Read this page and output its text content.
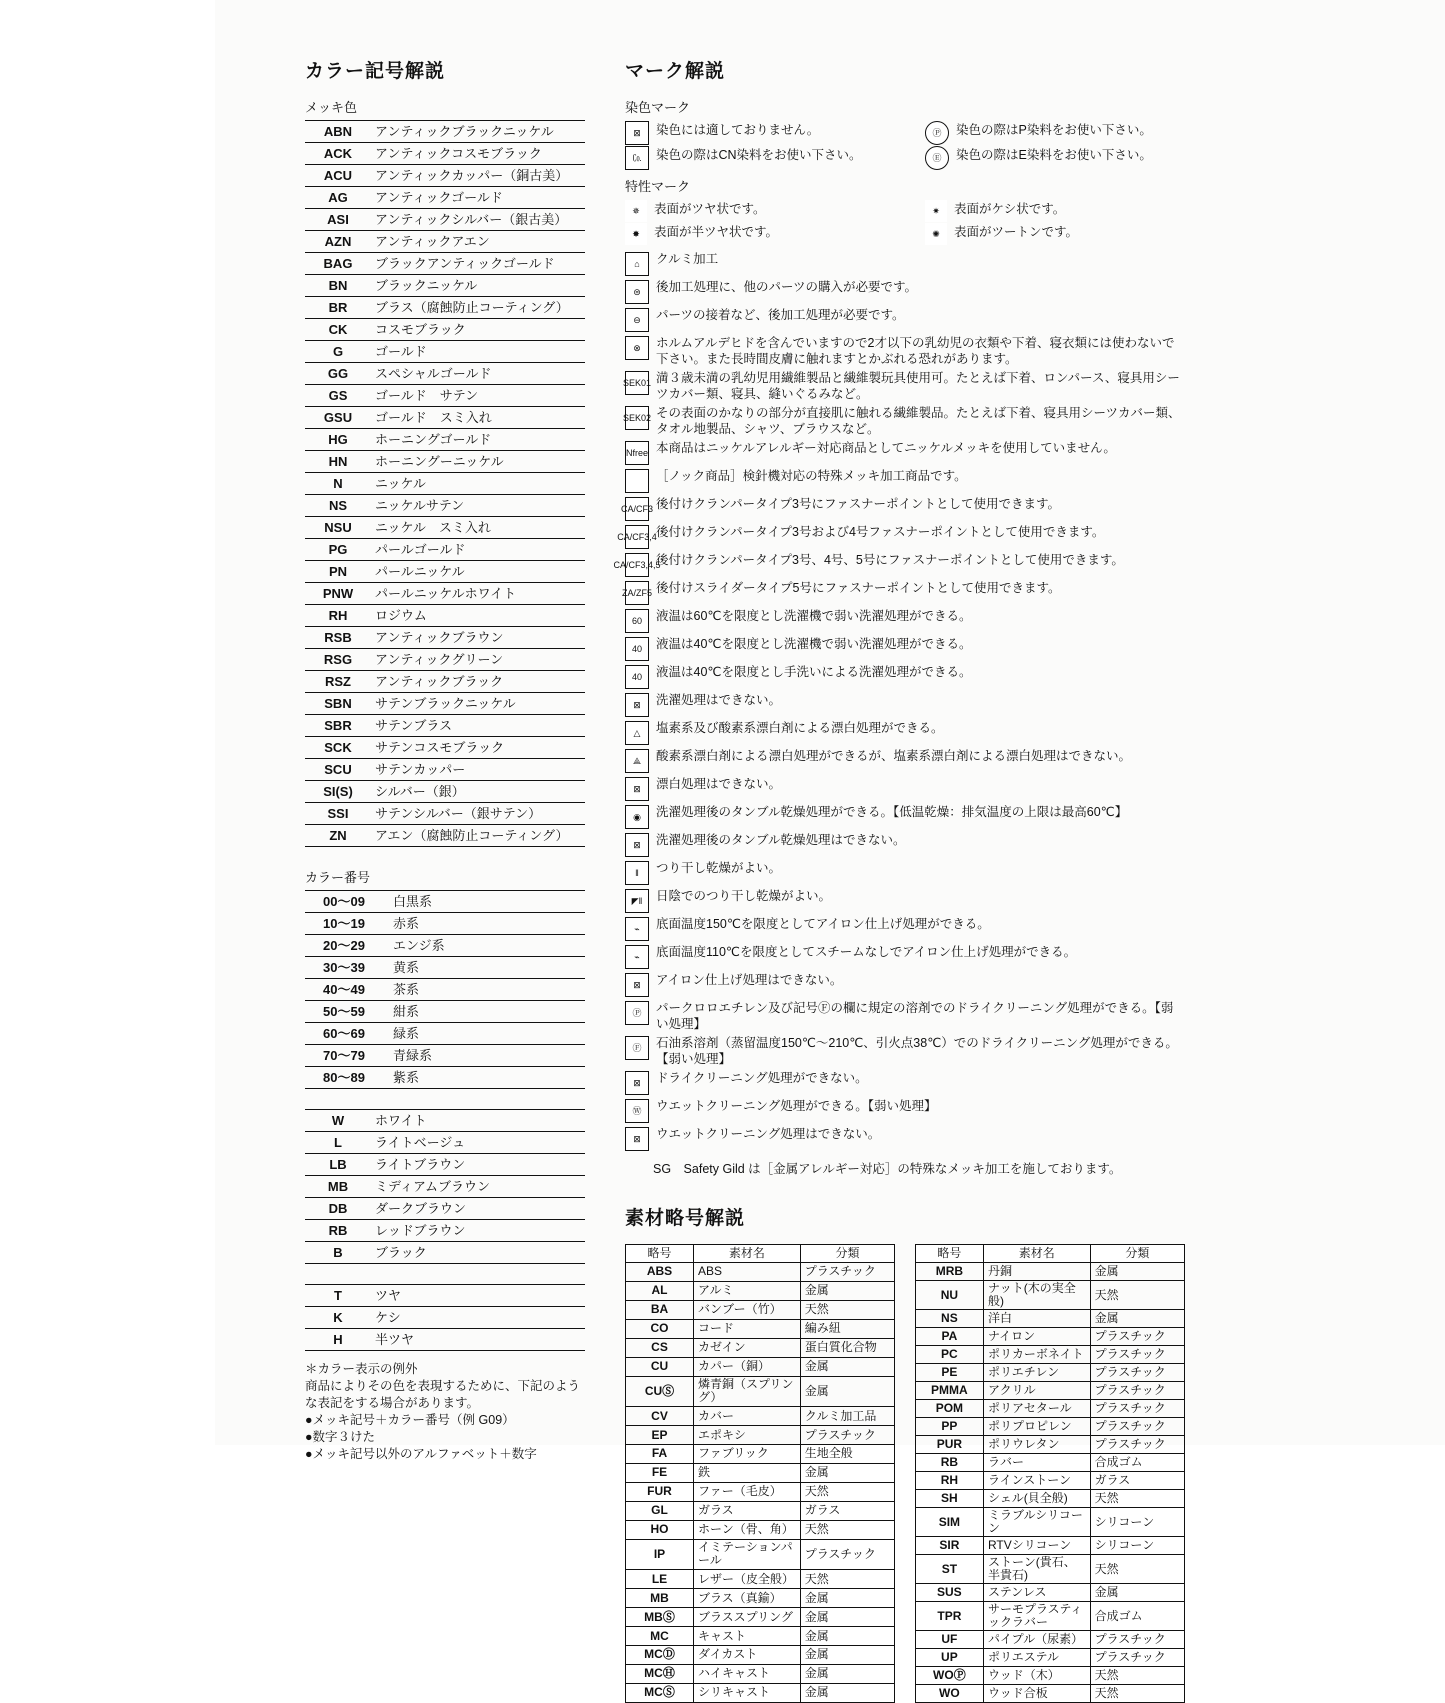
カラー記号解説
メッキ色
ABN	アンティックブラックニッケル
ACK	アンティックコスモブラック
ACU	アンティックカッパー（銅古美）
AG	アンティックゴールド
ASI	アンティックシルバー（銀古美）
AZN	アンティックアエン
BAG	ブラックアンティックゴールド
BN	ブラックニッケル
BR	ブラス（腐蝕防止コーティング）
CK	コスモブラック
G	ゴールド
GG	スペシャルゴールド
GS	ゴールド　サテン
GSU	ゴールド　スミ入れ
HG	ホーニングゴールド
HN	ホーニングーニッケル
N	ニッケル
NS	ニッケルサテン
NSU	ニッケル　スミ入れ
PG	パールゴールド
PN	パールニッケル
PNW	パールニッケルホワイト
RH	ロジウム
RSB	アンティックブラウン
RSG	アンティックグリーン
RSZ	アンティックブラック
SBN	サテンブラックニッケル
SBR	サテンブラス
SCK	サテンコスモブラック
SCU	サテンカッパー
SI(S)	シルバー（銀）
SSI	サテンシルバー（銀サテン）
ZN	アエン（腐蝕防止コーティング）
カラー番号
00～09	白黒系
10～19	赤系
20～29	エンジ系
30～39	黄系
40～49	茶系
50～59	紺系
60～69	緑系
70～79	青緑系
80～89	紫系
W	ホワイト
L	ライトベージュ
LB	ライトブラウン
MB	ミディアムブラウン
DB	ダークブラウン
RB	レッドブラウン
B	ブラック
T	ツヤ
K	ケシ
H	半ツヤ
＊カラー表示の例外
商品によりその色を表現するために、下記のような表記をする場合があります。
●メッキ記号＋カラー番号（例 G09）
●数字３けた
●メッキ記号以外のアルファベット＋数字
マーク解説
染色マーク
⊠	染色には適しておりません。	Ⓟ	染色の際はP染料をお使い下さい。
㏇	染色の際はCN染料をお使い下さい。	Ⓔ	染色の際はE染料をお使い下さい。
特性マーク
✵	表面がツヤ状です。	✷	表面がケシ状です。
✸	表面が半ツヤ状です。	✺	表面がツートンです。
⌂	クルミ加工
⊜	後加工処理に、他のパーツの購入が必要です。
⊖	パーツの接着など、後加工処理が必要です。
⊗	ホルムアルデヒドを含んでいますので2才以下の乳幼児の衣類や下着、寝衣類には使わないで下さい。また長時間皮膚に触れますとかぶれる恐れがあります。
SEK01 満３歳未満の乳幼児用繊維製品と繊維製玩具使用可。たとえば下着、ロンパース、寝具用シーツカバー類、寝具、縫いぐるみなど。
SEK02 その表面のかなりの部分が直接肌に触れる繊維製品。たとえば下着、寝具用シーツカバー類、タオル地製品、シャツ、ブラウスなど。
Nfree 本商品はニッケルアレルギー対応商品としてニッケルメッキを使用していません。
［ノック商品］検針機対応の特殊メッキ加工商品です。
CA/CF3 後付けクランパータイプ3号にファスナーポイントとして使用できます。
CA/CF3,4 後付けクランパータイプ3号および4号ファスナーポイントとして使用できます。
CA/CF3,4,5
後付けクランパータイプ3号、4号、5号にファスナーポイントとして使用できます。
ZA/ZF5 後付けスライダータイプ5号にファスナーポイントとして使用できます。
60	液温は60℃を限度とし洗濯機で弱い洗濯処理ができる。
40	液温は40℃を限度とし洗濯機で弱い洗濯処理ができる。
40	液温は40℃を限度とし手洗いによる洗濯処理ができる。
⊠	洗濯処理はできない。
△	塩素系及び酸素系漂白剤による漂白処理ができる。
⟁	酸素系漂白剤による漂白処理ができるが、塩素系漂白剤による漂白処理はできない。
⊠	漂白処理はできない。
◉	洗濯処理後のタンブル乾燥処理ができる。【低温乾燥：排気温度の上限は最高60℃】
⊠	洗濯処理後のタンブル乾燥処理はできない。
‖	つり干し乾燥がよい。
◤‖	日陰でのつり干し乾燥がよい。
⌁	底面温度150℃を限度としてアイロン仕上げ処理ができる。
⌁	底面温度110℃を限度としてスチームなしでアイロン仕上げ処理ができる。
⊠	アイロン仕上げ処理はできない。
Ⓟ	パークロロエチレン及び記号Ⓕの欄に規定の溶剤でのドライクリーニング処理ができる。【弱い処理】
Ⓕ	石油系溶剤（蒸留温度150℃～210℃、引火点38℃）でのドライクリーニング処理ができる。【弱い処理】
⊠	ドライクリーニング処理ができない。
Ⓦ	ウエットクリーニング処理ができる。【弱い処理】
⊠	ウエットクリーニング処理はできない。
SG　Safety Gild は［金属アレルギー対応］の特殊なメッキ加工を施しております。
素材略号解説
略号	素材名	分類
ABS	ABS	プラスチック
AL	アルミ	金属
BA	バンブー（竹）	天然
CO	コード	編み紐
CS	カゼイン	蛋白質化合物
CU	カパー（銅）	金属
CUⓈ	燐青銅（スプリング）	金属
CV	カバー	クルミ加工品
EP	エポキシ	プラスチック
FA	ファブリック	生地全般
FE	鉄	金属
FUR	ファー（毛皮）	天然
GL	ガラス	ガラス
HO	ホーン（骨、角）	天然
IP	イミテーションパール	プラスチック
LE	レザー（皮全般）	天然
MB	ブラス（真鍮）	金属
MBⓈ	ブラススプリング	金属
MC	キャスト	金属
MCⒹ	ダイカスト	金属
MCⒽ	ハイキャスト	金属
MCⓈ	シリキャスト	金属
略号	素材名	分類
MRB	丹銅	金属
NU	ナット(木の実全般)	天然
NS	洋白	金属
PA	ナイロン	プラスチック
PC	ポリカーボネイト	プラスチック
PE	ポリエチレン	プラスチック
PMMA	アクリル	プラスチック
POM	ポリアセタール	プラスチック
PP	ポリプロピレン	プラスチック
PUR	ポリウレタン	プラスチック
RB	ラバー	合成ゴム
RH	ラインストーン	ガラス
SH	シェル(貝全般)	天然
SIM	ミラブルシリコーン	シリコーン
SIR	RTVシリコーン	シリコーン
ST	ストーン(貴石、半貴石)	天然
SUS	ステンレス	金属
TPR	サーモプラスティックラバー	合成ゴム
UF	パイプル（尿素）	プラスチック
UP	ポリエステル	プラスチック
WOⓅ	ウッド（木）	天然
WO	ウッド合板	天然
